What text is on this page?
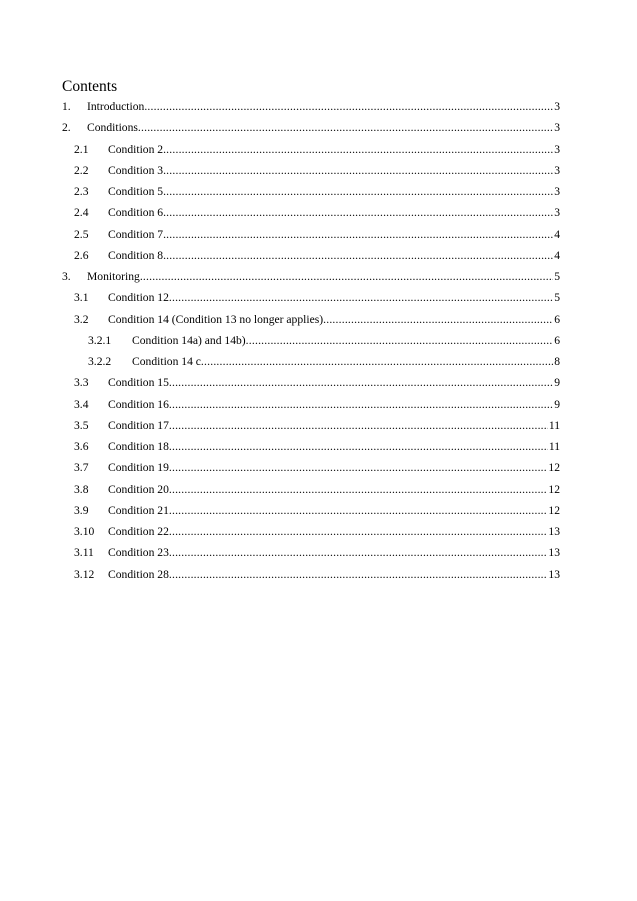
Contents
1.	Introduction .....	3
2.	Conditions .....	3
2.1	Condition 2 .....	3
2.2	Condition 3 .....	3
2.3	Condition 5 .....	3
2.4	Condition 6 .....	3
2.5	Condition 7 .....	4
2.6	Condition 8 .....	4
3.	Monitoring .....	5
3.1	Condition 12 .....	5
3.2	Condition 14 (Condition 13 no longer applies) .....	6
3.2.1	Condition 14a) and 14b) .....	6
3.2.2	Condition 14 c .....	8
3.3	Condition 15 .....	9
3.4	Condition 16 .....	9
3.5	Condition 17 .....	11
3.6	Condition 18 .....	11
3.7	Condition 19 .....	12
3.8	Condition 20 .....	12
3.9	Condition 21 .....	12
3.10	Condition 22 .....	13
3.11	Condition 23 .....	13
3.12	Condition 28 .....	13
